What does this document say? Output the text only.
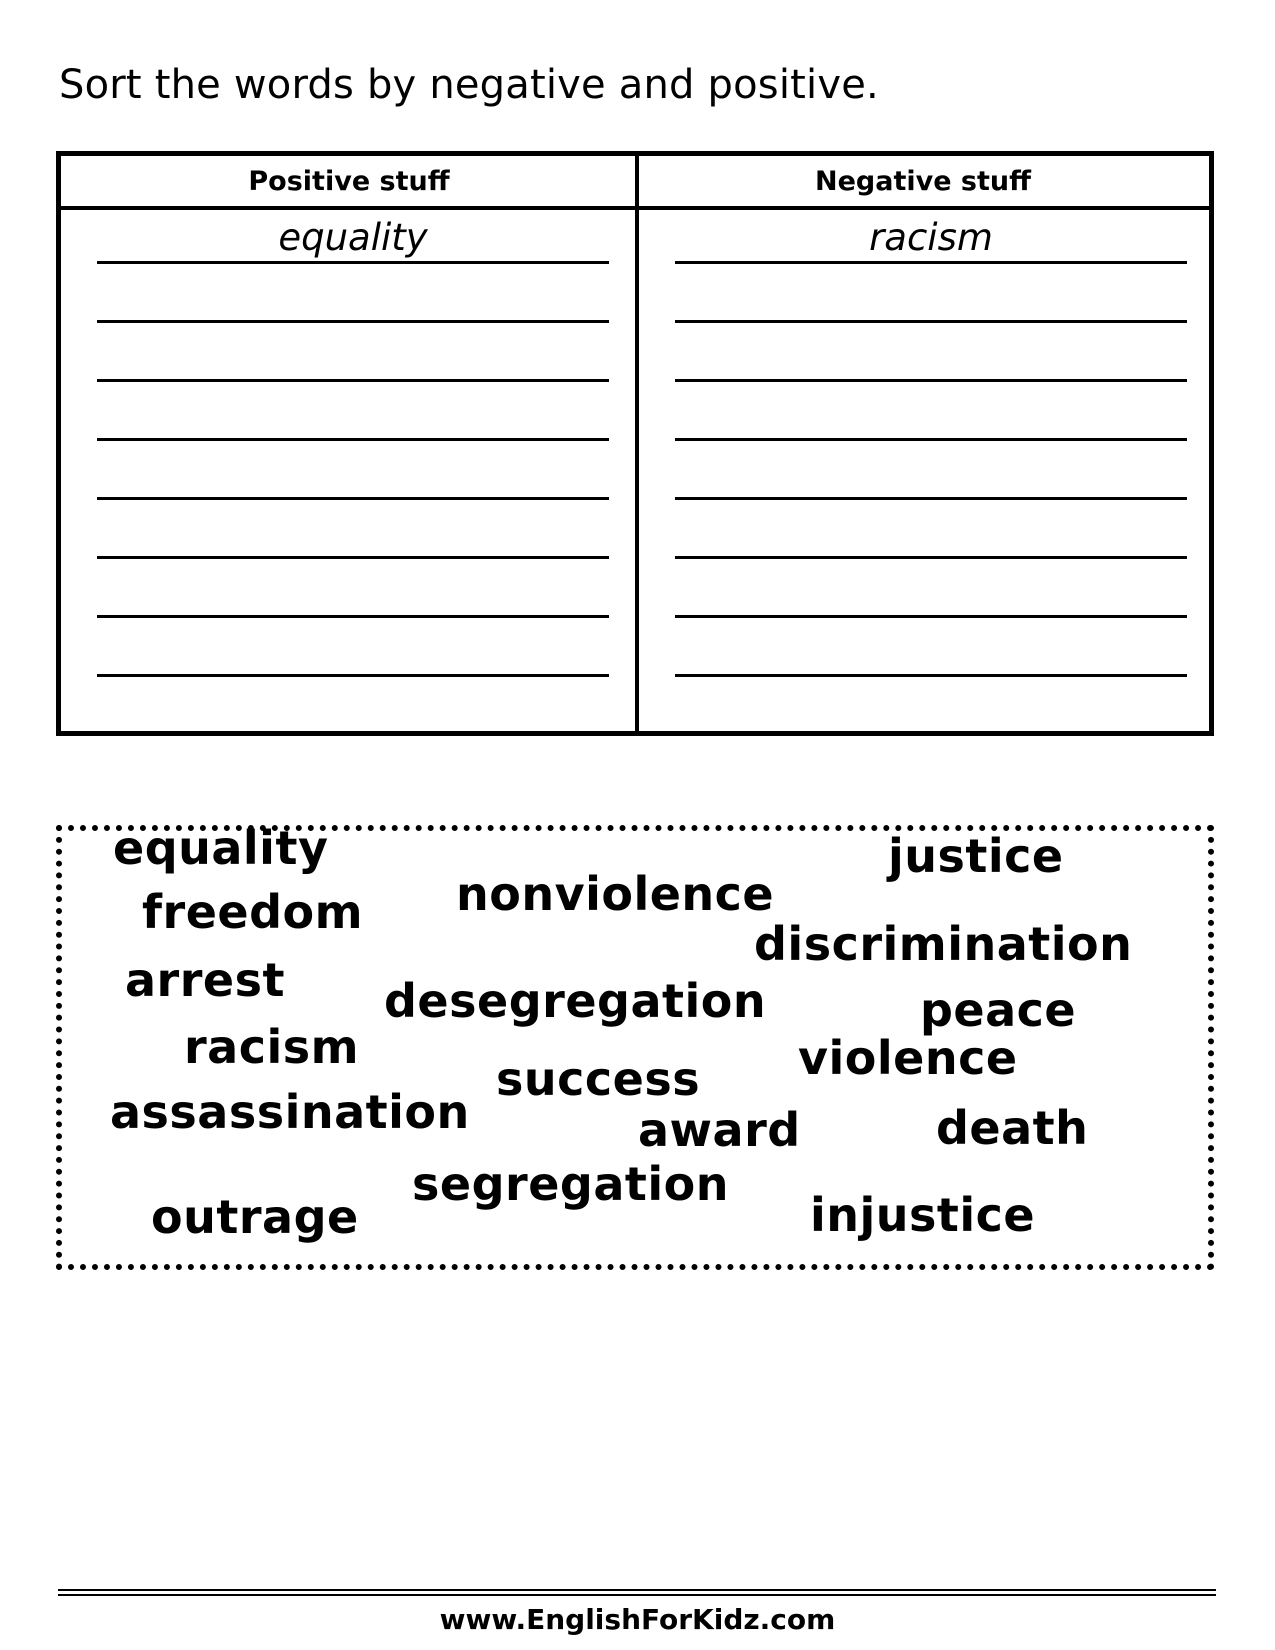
Sort the words by negative and positive.
Positive stuff	Negative stuff
equality	racism
equality	justice
freedom nonviolence
discrimination
arrest desegregation	peace
racism	violence
success
assassination	award	death
segregation
outrage	injustice
www.EnglishForKidz.com
